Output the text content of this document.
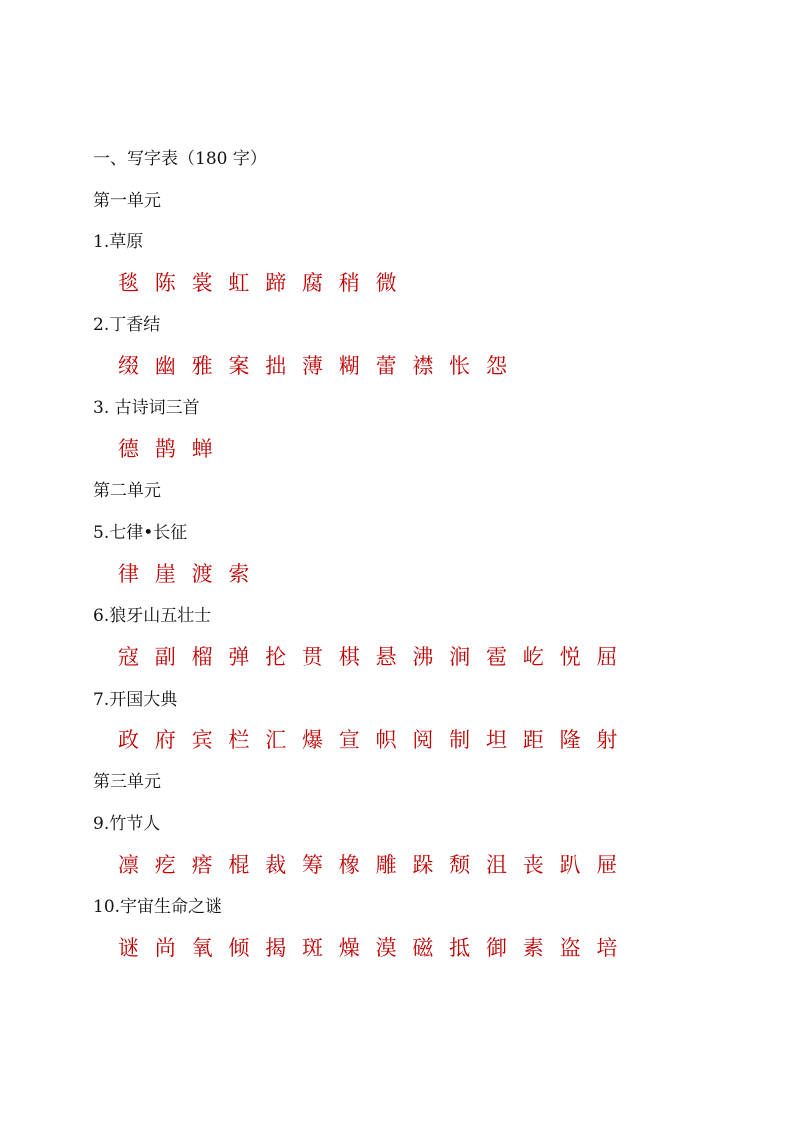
一、写字表（180 字）
第一单元
1.草原
毯 陈 裳 虹 蹄 腐 稍 微
2.丁香结
缀 幽 雅 案 拙 薄 糊 蕾 襟 怅 怨
3. 古诗词三首
德 鹊 蝉
第二单元
5.七律•长征
律 崖 渡 索
6.狼牙山五壮士
寇 副 榴 弹 抡 贯 棋 悬 沸 涧 雹 屹 悦 屈
7.开国大典
政 府 宾 栏 汇 爆 宣 帜 阅 制 坦 距 隆 射
第三单元
9.竹节人
凛 疙 瘩 棍 裁 筹 橡 雕 跺 颓 沮 丧 趴 屉
10.宇宙生命之谜
谜 尚 氧 倾 揭 斑 燥 漠 磁 抵 御 素 盗 培
